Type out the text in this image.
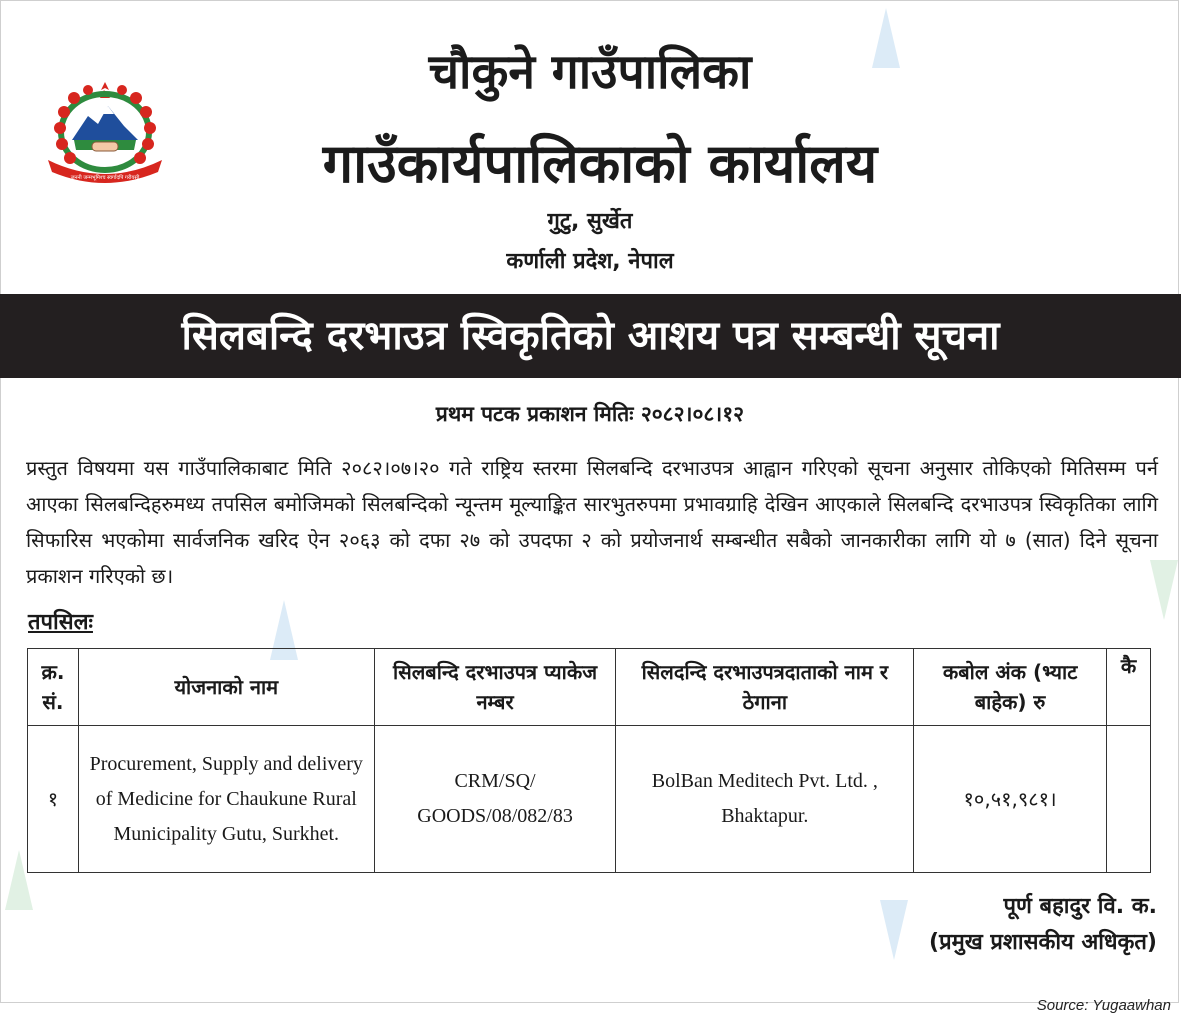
जननी जन्मभूमिश्च स्वर्गादपि गरीयसी
चौकुने गाउँपालिका
गाउँकार्यपालिकाको कार्यालय
गुटु, सुर्खेत
कर्णाली प्रदेश, नेपाल
सिलबन्दि दरभाउत्र स्विकृतिको आशय पत्र सम्बन्धी सूचना
प्रथम पटक प्रकाशन मितिः २०८२।०८।१२

प्रस्तुत विषयमा यस गाउँपालिकाबाट मिति २०८२।०७।२० गते राष्ट्रिय स्तरमा सिलबन्दि दरभाउपत्र आह्वान गरिएको सूचना अनुसार तोकिएको मितिसम्म पर्न आएका सिलबन्दिहरुमध्य तपसिल बमोजिमको सिलबन्दिको न्यून्तम मूल्याङ्कित सारभुतरुपमा प्रभावग्राहि देखिन आएकाले सिलबन्दि दरभाउपत्र स्विकृतिका लागि सिफारिस भएकोमा सार्वजनिक खरिद ऐन २०६३ को दफा २७ को उपदफा २ को प्रयोजनार्थ सम्बन्धीत सबैको जानकारीका लागि यो ७ (सात) दिने सूचना प्रकाशन गरिएको छ।

तपसिलः
क्र. सं.	योजनाको नाम	सिलबन्दि दरभाउपत्र प्याकेज नम्बर	सिलदन्दि दरभाउपत्रदाताको नाम र ठेगाना	कबोल अंक (भ्याट बाहेक) रु	कै
१	Procurement, Supply and delivery of Medicine for Chaukune Rural Municipality Gutu, Surkhet.	CRM/SQ/ GOODS/08/082/83	BolBan Meditech Pvt. Ltd. , Bhaktapur.	१०,५१,९८१।	
पूर्ण बहादुर वि. क.
(प्रमुख प्रशासकीय अधिकृत)
Source: Yugaawhan
